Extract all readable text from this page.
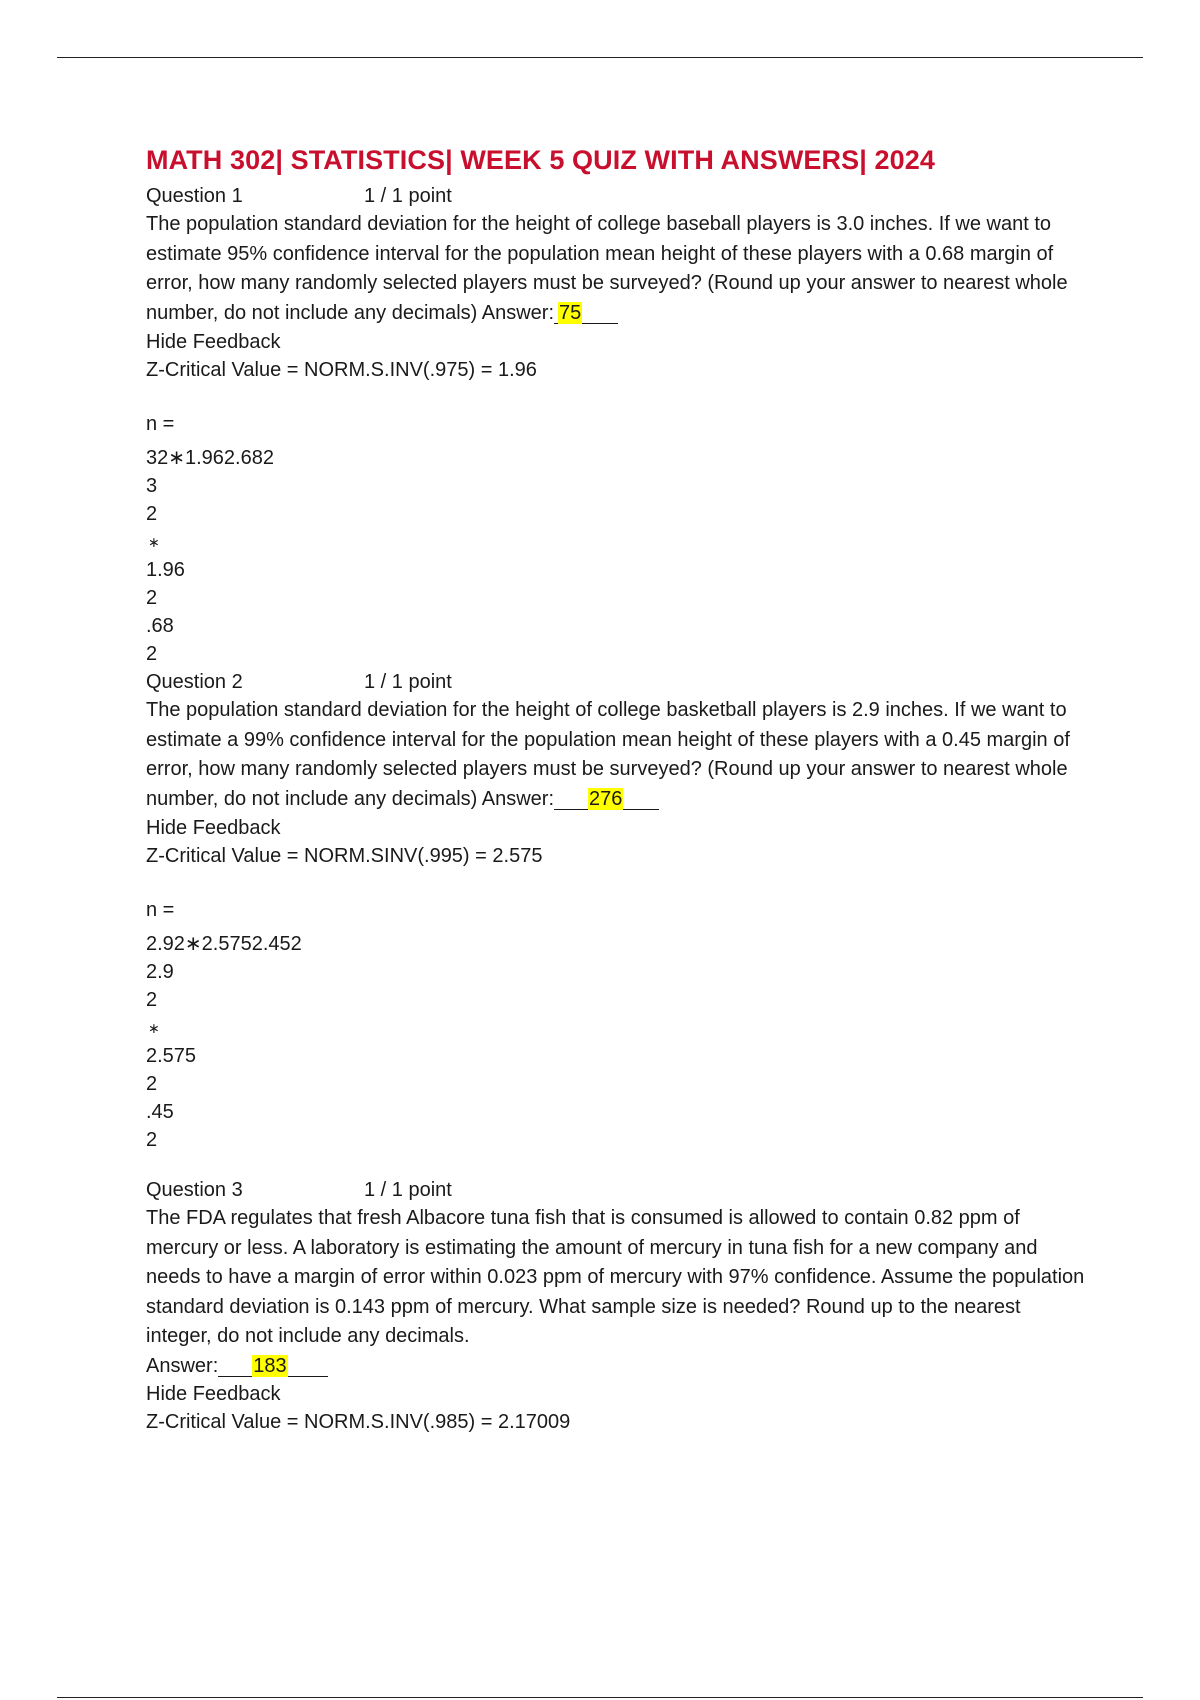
MATH 302| STATISTICS| WEEK 5 QUIZ WITH ANSWERS| 2024
Question 1	1 / 1 point

The population standard deviation for the height of college baseball players is 3.0 inches. If we want to estimate 95% confidence interval for the population mean height of these players with a 0.68 margin of error, how many randomly selected players must be surveyed? (Round up your answer to nearest whole number, do not include any decimals) Answer: 75

Hide Feedback

Z-Critical Value = NORM.S.INV(.975) = 1.96

n =

32∗1.962.682

3

2

∗

1.96

2

.68

2

Question 2	1 / 1 point

The population standard deviation for the height of college basketball players is 2.9 inches. If we want to estimate a 99% confidence interval for the population mean height of these players with a 0.45 margin of error, how many randomly selected players must be surveyed? (Round up your answer to nearest whole number, do not include any decimals) Answer: 276

Hide Feedback

Z-Critical Value = NORM.SINV(.995) = 2.575

n =

2.92∗2.5752.452

2.9

2

∗

2.575

2

.45

2

Question 3	1 / 1 point

The FDA regulates that fresh Albacore tuna fish that is consumed is allowed to contain 0.82 ppm of mercury or less. A laboratory is estimating the amount of mercury in tuna fish for a new company and needs to have a margin of error within 0.023 ppm of mercury with 97% confidence. Assume the population standard deviation is 0.143 ppm of mercury. What sample size is needed? Round up to the nearest integer, do not include any decimals.

Answer: 183

Hide Feedback

Z-Critical Value = NORM.S.INV(.985) = 2.17009
